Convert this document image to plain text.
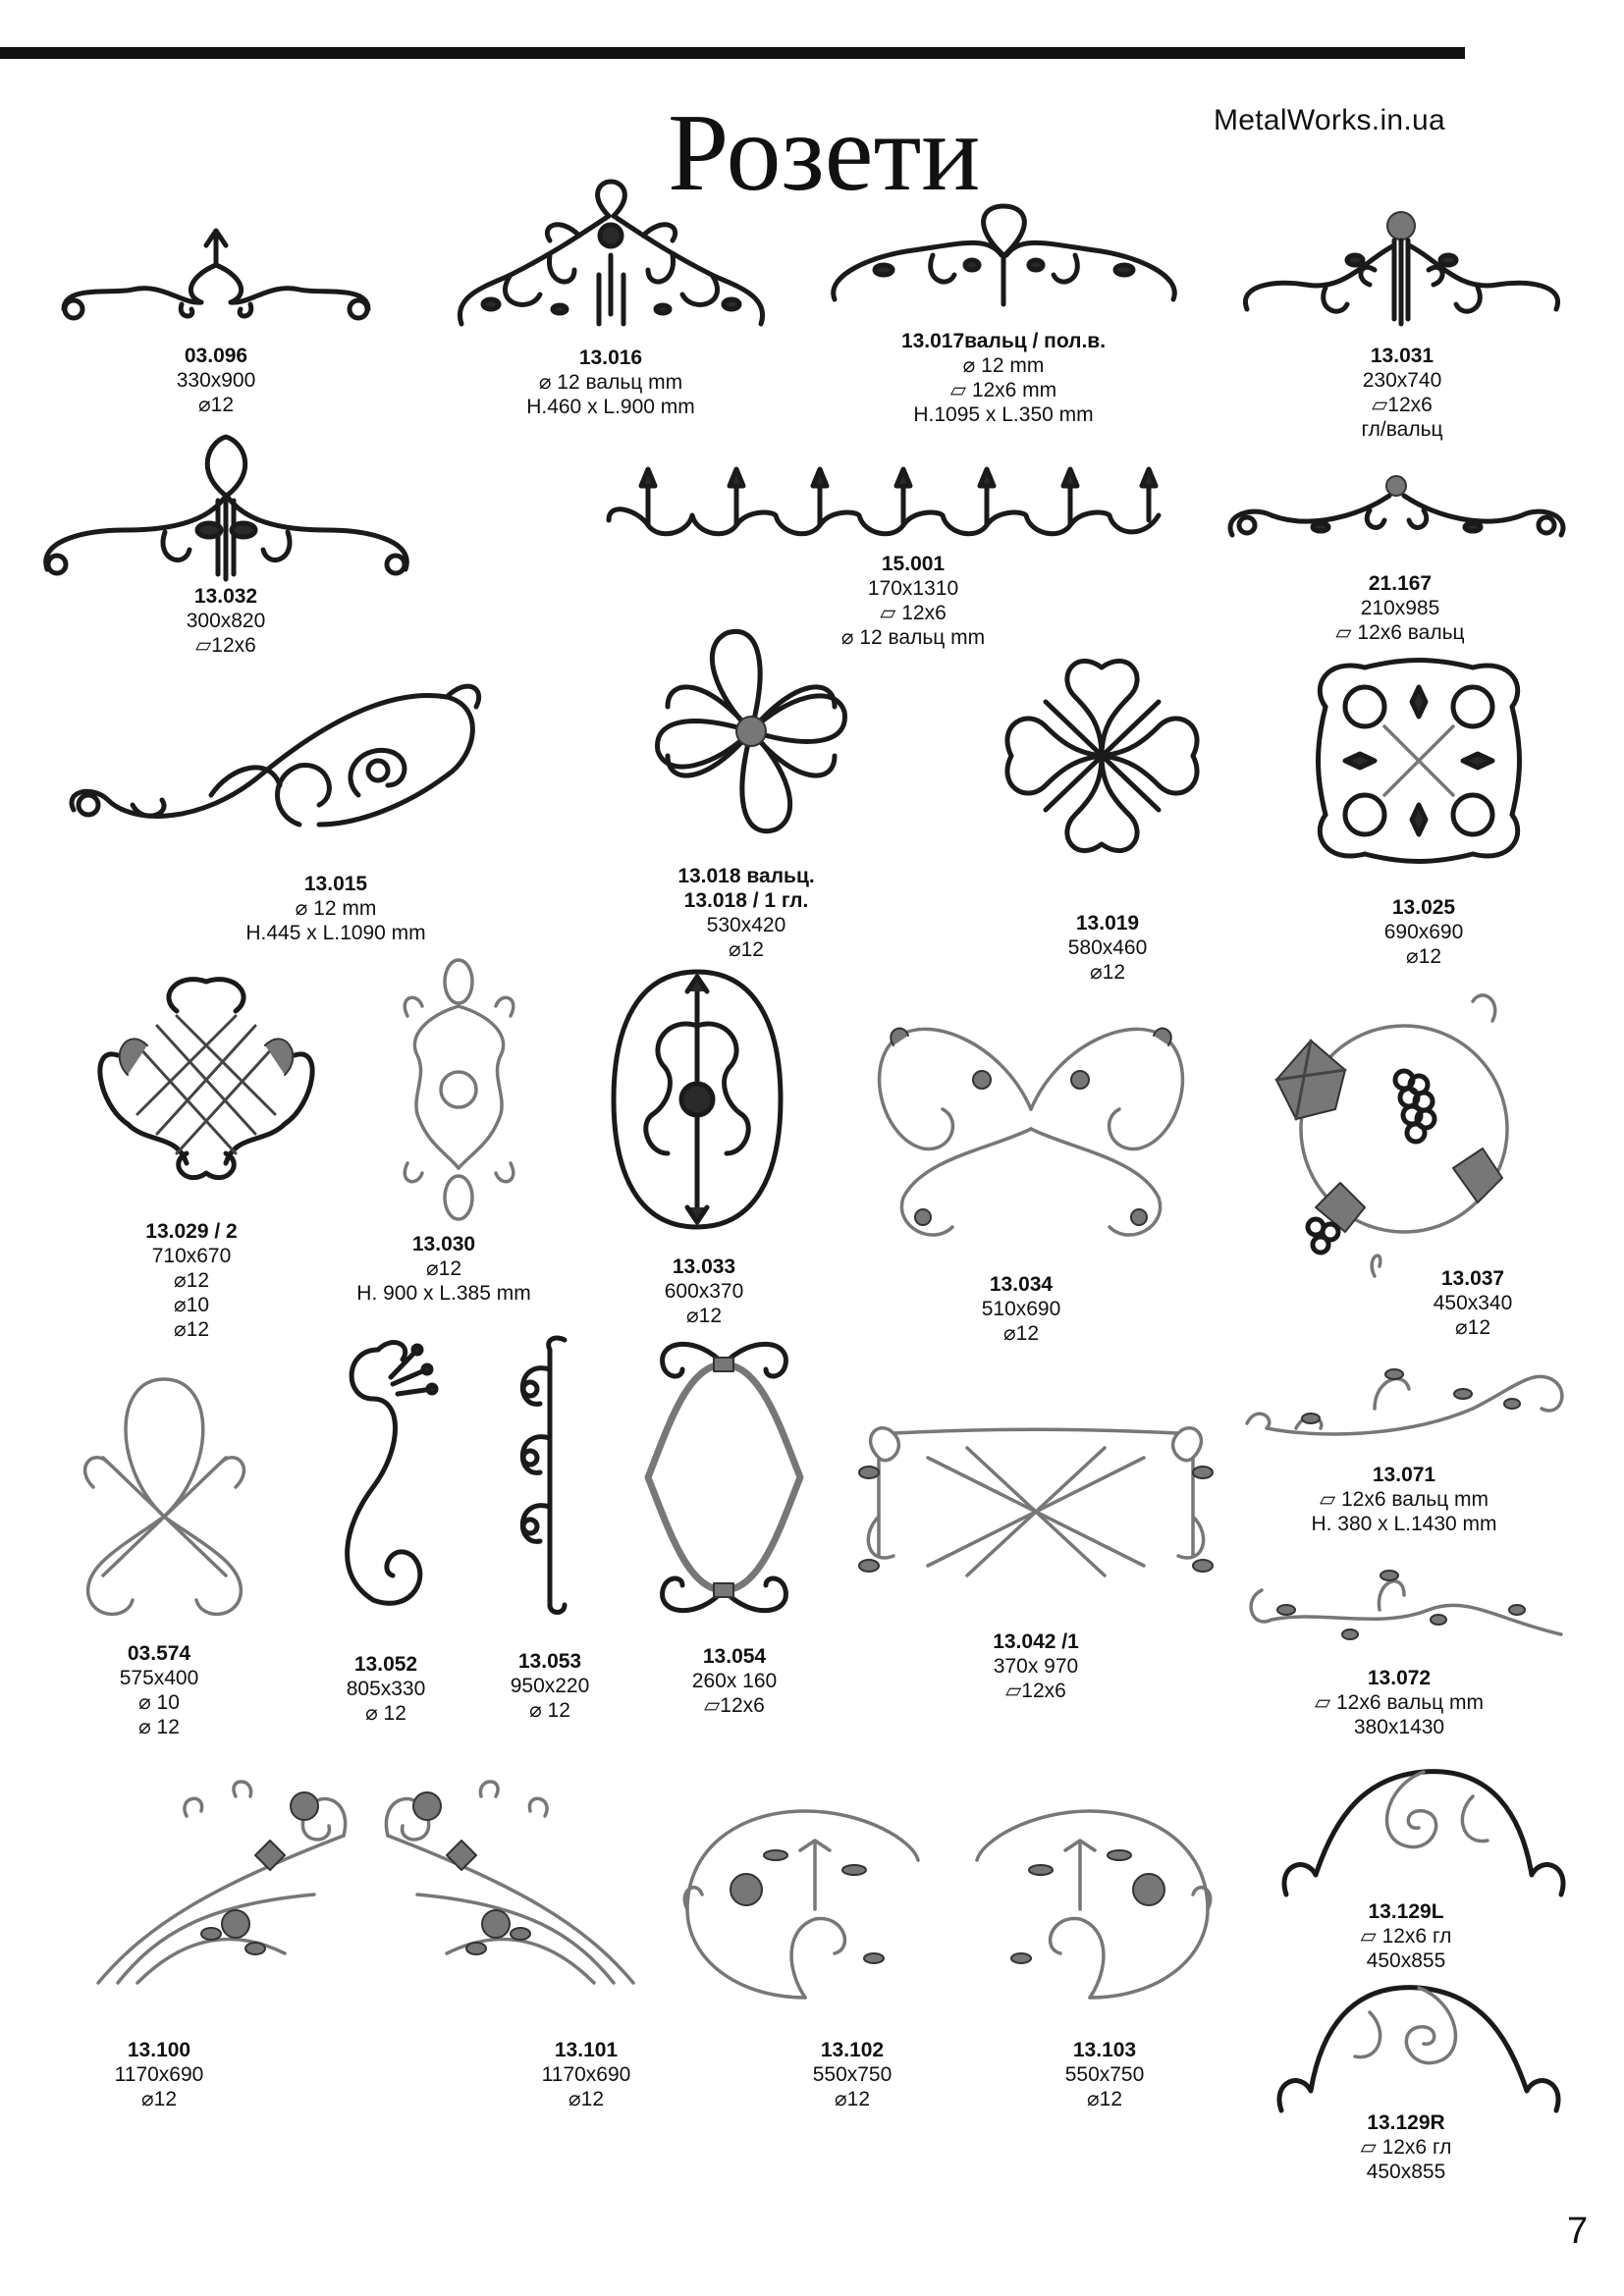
Розети	MetalWorks.in.ua
7
03.096
330x900
⌀12
13.016
⌀ 12 вальц mm
H.460 x L.900 mm
13.017вальц / пол.в.
⌀ 12 mm
▱ 12x6 mm
H.1095 x L.350 mm
13.031
230x740
▱12x6
гл/вальц
13.032
300x820
▱12x6
15.001
170x1310
▱ 12x6
⌀ 12 вальц mm
21.167
210x985
▱ 12x6 вальц
13.015
⌀ 12 mm
H.445 x L.1090 mm
13.018 вальц.
13.018 / 1 гл.
530x420
⌀12
13.019
580x460
⌀12
13.025
690x690
⌀12
13.029 / 2
710x670
⌀12
⌀10
⌀12
13.030
⌀12
H. 900 x L.385 mm
13.033
600x370
⌀12
13.034
510x690
⌀12
13.037
450x340
⌀12
03.574
575x400
⌀ 10
⌀ 12
13.052
805x330
⌀ 12
13.053
950x220
⌀ 12
13.054
260x 160
▱12x6
13.042 /1
370x 970
▱12x6
13.071
▱ 12x6 вальц mm
H. 380 x L.1430 mm
13.072
▱ 12x6 вальц mm
380x1430
13.100
1170x690
⌀12
13.101
1170x690
⌀12
13.102
550x750
⌀12
13.103
550x750
⌀12
13.129L
▱ 12x6 гл
450x855
13.129R
▱ 12x6 гл
450x855
